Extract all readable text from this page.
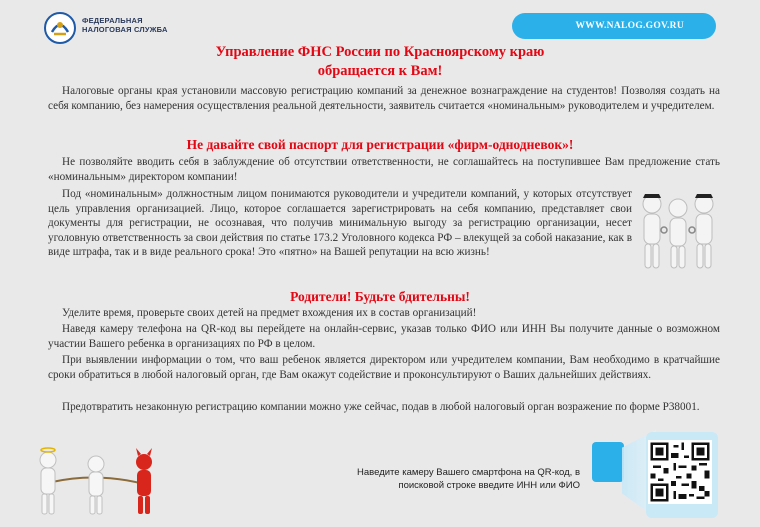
ФЕДЕРАЛЬНАЯ
НАЛОГОВАЯ СЛУЖБА	WWW.NALOG.GOV.RU
Управление ФНС России по Красноярскому краю
обращается к Вам!

Налоговые органы края установили массовую регистрацию компаний за денежное вознаграждение на студентов! Позволяя создать на себя компанию, без намерения осуществления реальной деятельности, заявитель считается «номинальным» руководителем и учредителем.

Не давайте свой паспорт для регистрации «фирм-однодневок»!

Не позволяйте вводить себя в заблуждение об отсутствии ответственности, не соглашайтесь на поступившее Вам предложение стать «номинальным» директором компании!

Под «номинальным» должностным лицом понимаются руководители и учредители компаний, у которых отсутствует цель управления организацией. Лицо, которое соглашается зарегистрировать на себя компанию, представляет свои документы для регистрации, не осознавая, что получив минимальную выгоду за регистрацию организации, несет уголовную ответственность за свои действия по статье 173.2 Уголовного кодекса РФ – влекущей за собой наказание, как в виде штрафа, так и в виде реального срока! Это «пятно» на Вашей репутации на всю жизнь!

Родители! Будьте бдительны!

Уделите время, проверьте своих детей на предмет вхождения их в состав организаций!

Наведя камеру телефона на QR-код вы перейдете на онлайн-сервис, указав только ФИО или ИНН Вы получите данные о возможном участии Вашего ребенка в организациях по РФ в целом.

При выявлении информации о том, что ваш ребенок является директором или учредителем компании, Вам необходимо в кратчайшие сроки обратиться в любой налоговый орган, где Вам окажут содействие и проконсультируют о Ваших дальнейших действиях.

Предотвратить незаконную регистрацию компании можно уже сейчас, подав в любой налоговый орган возражение по форме Р38001.

Наведите камеру Вашего смартфона на QR-код, в поисковой строке введите ИНН или ФИО
